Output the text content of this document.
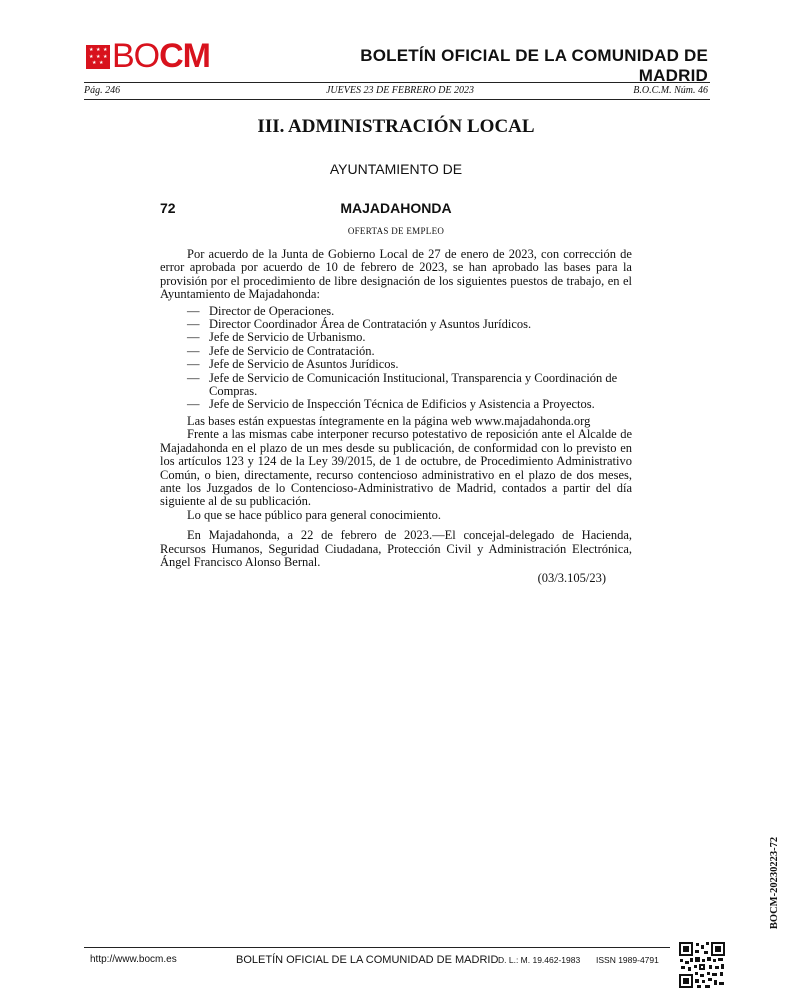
★ ★ ★
★ ★ ★
★ ★ BOCM	BOLETÍN OFICIAL DE LA COMUNIDAD DE MADRID
Pág. 246	JUEVES 23 DE FEBRERO DE 2023	B.O.C.M. Núm. 46
III. ADMINISTRACIÓN LOCAL
AYUNTAMIENTO DE
72	MAJADAHONDA
OFERTAS DE EMPLEO

Por acuerdo de la Junta de Gobierno Local de 27 de enero de 2023, con corrección de error aprobada por acuerdo de 10 de febrero de 2023, se han aprobado las bases para la provisión por el procedimiento de libre designación de los siguientes puestos de trabajo, en el Ayuntamiento de Majadahonda:

— Director de Operaciones.
— Director Coordinador Área de Contratación y Asuntos Jurídicos.
— Jefe de Servicio de Urbanismo.
— Jefe de Servicio de Contratación.
— Jefe de Servicio de Asuntos Jurídicos.
— Jefe de Servicio de Comunicación Institucional, Transparencia y Coordinación de Compras.
— Jefe de Servicio de Inspección Técnica de Edificios y Asistencia a Proyectos.

Las bases están expuestas íntegramente en la página web www.majadahonda.org

Frente a las mismas cabe interponer recurso potestativo de reposición ante el Alcalde de Majadahonda en el plazo de un mes desde su publicación, de conformidad con lo previsto en los artículos 123 y 124 de la Ley 39/2015, de 1 de octubre, de Procedimiento Administrativo Común, o bien, directamente, recurso contencioso administrativo en el plazo de dos meses, ante los Juzgados de lo Contencioso-Administrativo de Madrid, contados a partir del día siguiente al de su publicación.

Lo que se hace público para general conocimiento.

En Majadahonda, a 22 de febrero de 2023.—El concejal-delegado de Hacienda, Recursos Humanos, Seguridad Ciudadana, Protección Civil y Administración Electrónica, Ángel Francisco Alonso Bernal.

(03/3.105/23)
BOCM-20230223-72
http://www.bocm.es	BOLETÍN OFICIAL DE LA COMUNIDAD DE MADRID D. L.: M. 19.462-1983 ISSN 1989-4791
